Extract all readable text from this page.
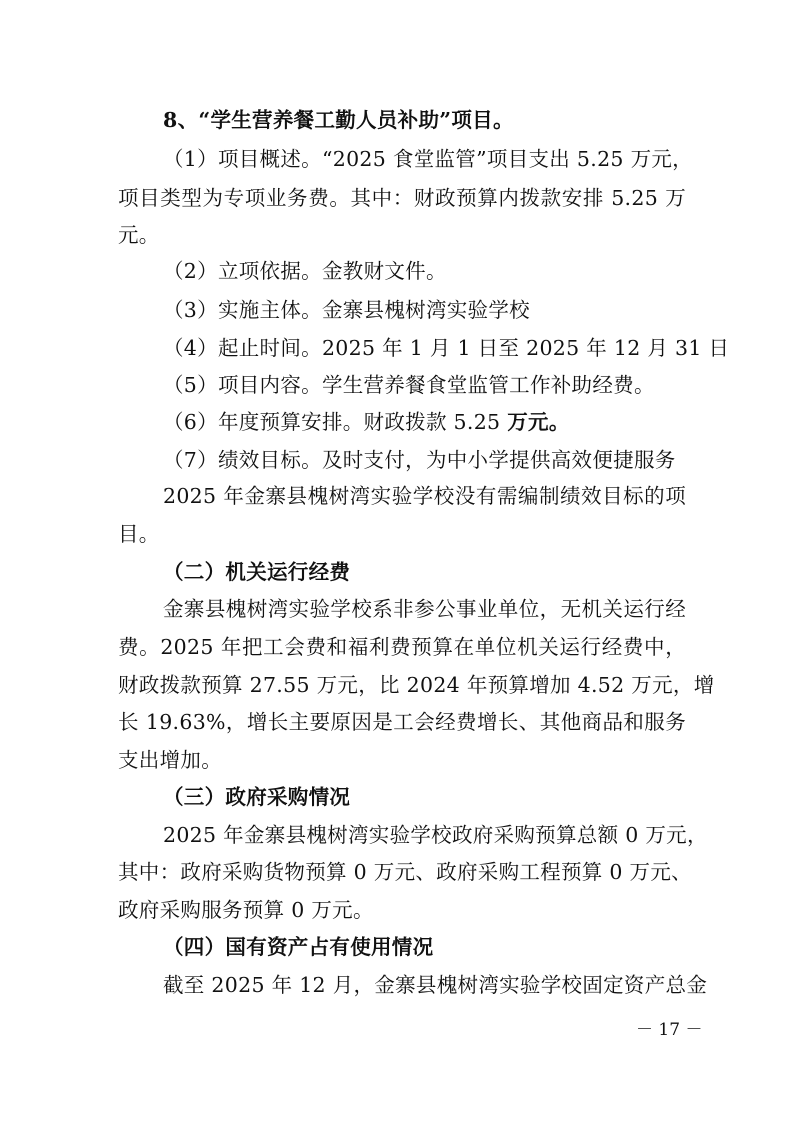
8、“学生营养餐工勤人员补助”项目。
（1）项目概述。“2025 食堂监管”项目支出 5.25 万元，
项目类型为专项业务费。其中：财政预算内拨款安排 5.25 万
元。
（2）立项依据。金教财文件。
（3）实施主体。金寨县槐树湾实验学校
（4）起止时间。2025 年 1 月 1 日至 2025 年 12 月 31 日
（5）项目内容。学生营养餐食堂监管工作补助经费。
（6）年度预算安排。财政拨款 5.25 万元。
（7）绩效目标。及时支付，为中小学提供高效便捷服务
2025 年金寨县槐树湾实验学校没有需编制绩效目标的项
目。
（二）机关运行经费
金寨县槐树湾实验学校系非参公事业单位，无机关运行经
费。2025 年把工会费和福利费预算在单位机关运行经费中，
财政拨款预算 27.55 万元，比 2024 年预算增加 4.52 万元，增
长 19.63%，增长主要原因是工会经费增长、其他商品和服务
支出增加。
（三）政府采购情况
2025 年金寨县槐树湾实验学校政府采购预算总额 0 万元，
其中：政府采购货物预算 0 万元、政府采购工程预算 0 万元、
政府采购服务预算 0 万元。
（四）国有资产占有使用情况
截至 2025 年 12 月，金寨县槐树湾实验学校固定资产总金
－ 17 －
